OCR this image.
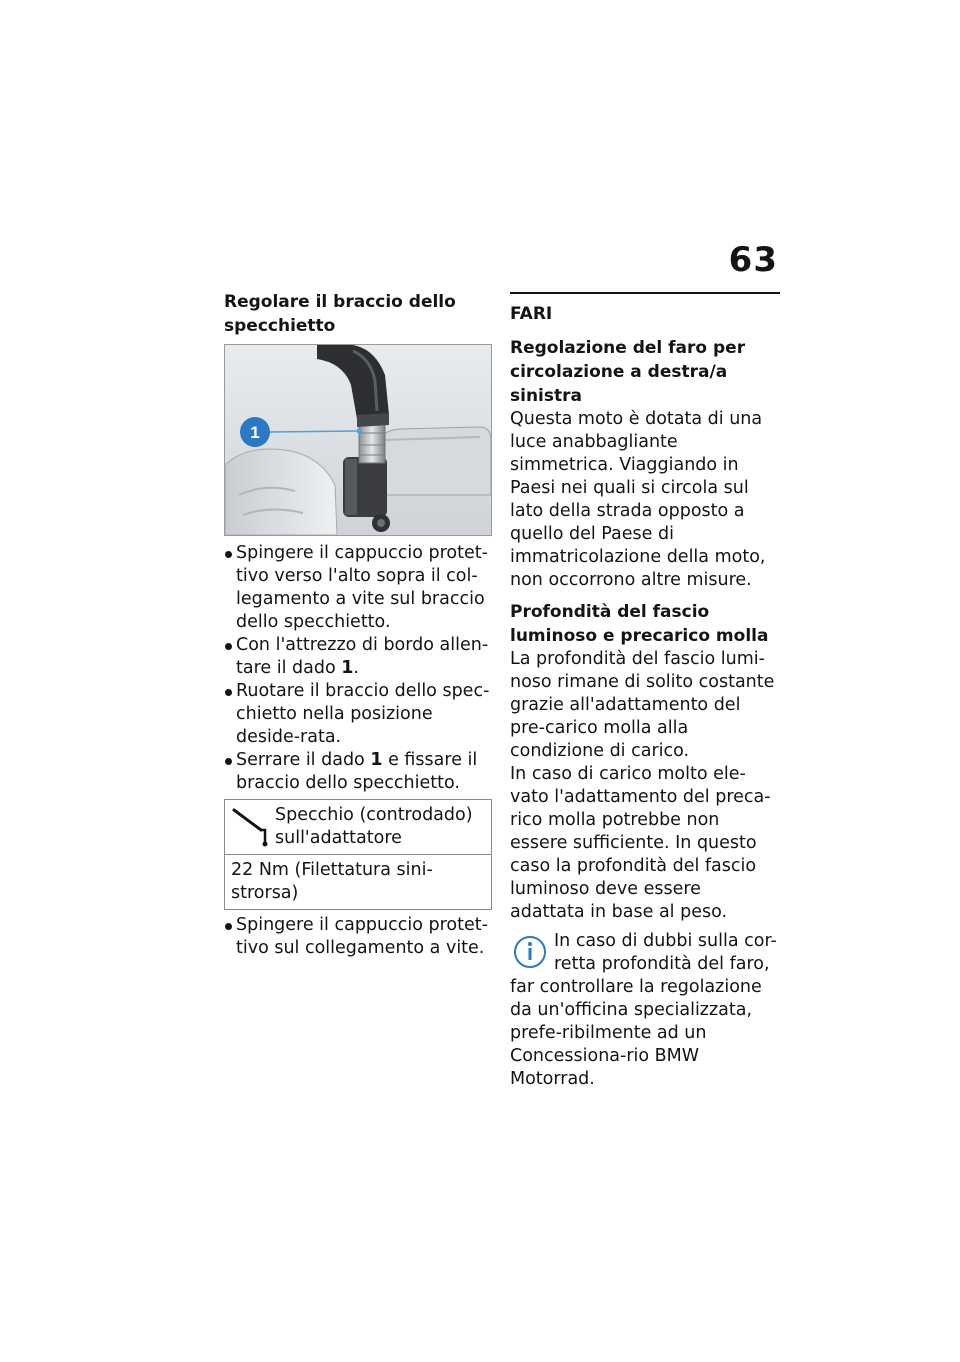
63
Regolare il braccio dello specchietto
1
Spingere il cappuccio protet-tivo verso l'alto sopra il col-legamento a vite sul braccio dello specchietto.
Con l'attrezzo di bordo allen-tare il dado 1.
Ruotare il braccio dello spec-chietto nella posizione deside-rata.
Serrare il dado 1 e fissare il braccio dello specchietto.
Specchio (controdado) sull'adattatore
22 Nm (Filettatura sini-strorsa)
Spingere il cappuccio protet-tivo sul collegamento a vite.
FARI
Regolazione del faro per circolazione a destra/a sinistra
Questa moto è dotata di una luce anabbagliante simmetrica. Viaggiando in Paesi nei quali si circola sul lato della strada opposto a quello del Paese di immatricolazione della moto, non occorrono altre misure.
Profondità del fascio luminoso e precarico molla
La profondità del fascio lumi-noso rimane di solito costante grazie all'adattamento del pre-carico molla alla condizione di carico.
In caso di carico molto ele-vato l'adattamento del preca-rico molla potrebbe non essere sufficiente. In questo caso la profondità del fascio luminoso deve essere adattata in base al peso.
In caso di dubbi sulla cor-retta profondità del faro, far controllare la regolazione da un'officina specializzata, prefe-ribilmente ad un Concessiona-rio BMW Motorrad.
